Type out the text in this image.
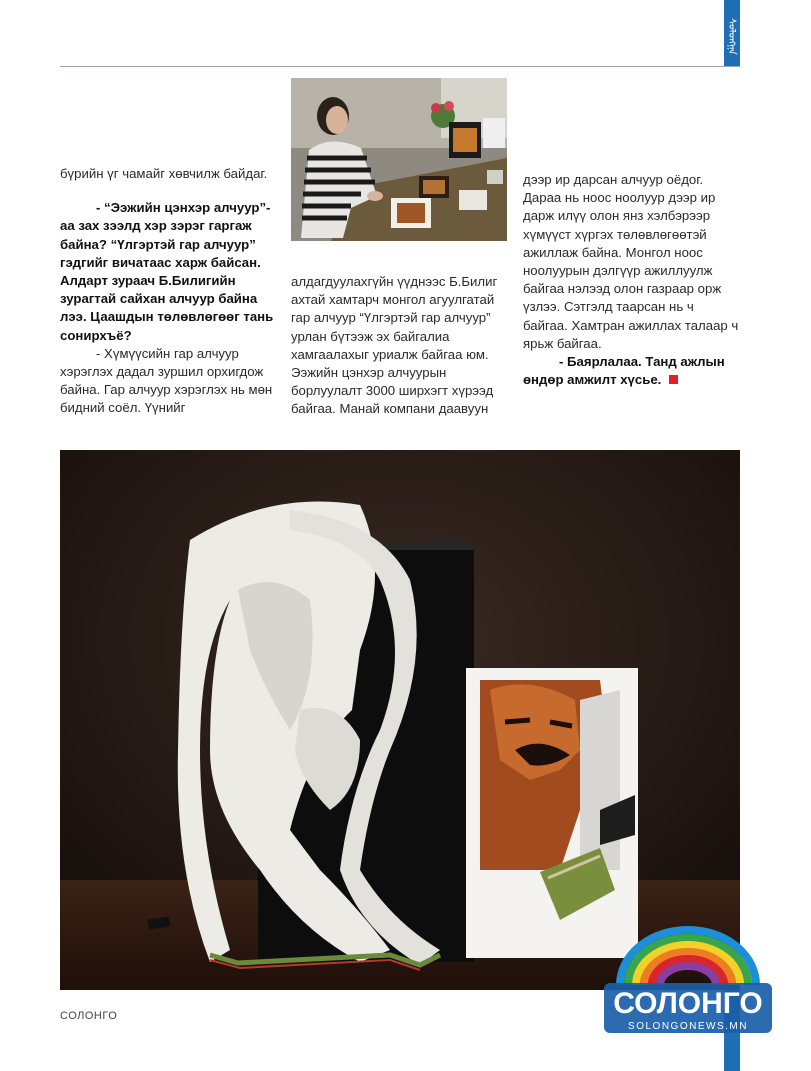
ᠰᠣᠯᠣᠩᠭ᠋ᠠ

бүрийн үг чамайг хөвчилж байдаг.

- “Ээжийн цэнхэр алчуур”-аа зах зээлд хэр зэрэг гаргаж байна? “Үлгэртэй гар алчуур” гэдгийг вичатаас харж байсан. Алдарт зураач Б.Билигийн зурагтай сайхан алчуур байна лээ. Цаашдын төлөвлөгөөг тань сонирхъё?

- Хүмүүсийн гар алчуур хэрэглэх дадал зуршил орхигдож байна. Гар алчуур хэрэглэх нь мөн бидний соёл. Үүнийг

алдагдуулахгүйн үүднээс Б.Билиг ахтай хамтарч монгол агуулгатай гар алчуур “Үлгэртэй гар алчуур” урлан бүтээж эх байгалиа хамгаалахыг уриалж байгаа юм. Ээжийн цэнхэр алчуурын борлуулалт 3000 ширхэгт хүрээд байгаа. Манай компани даавуун

дээр ир дарсан алчуур оёдог. Дараа нь ноос ноолуур дээр ир дарж илүү олон янз хэлбэрээр хүмүүст хүргэх төлөвлөгөөтэй ажиллаж байна. Монгол ноос ноолуурын дэлгүүр ажиллуулж байгаа нэлээд олон газраар орж үзлээ. Сэтгэлд таарсан нь ч байгаа. Хамтран ажиллах талаар ч ярьж байгаа.

- Баярлалаа. Танд ажлын өндөр амжилт хүсье.

СОЛОНГО	СОЛОНГО
SOLONGONEWS.MN
